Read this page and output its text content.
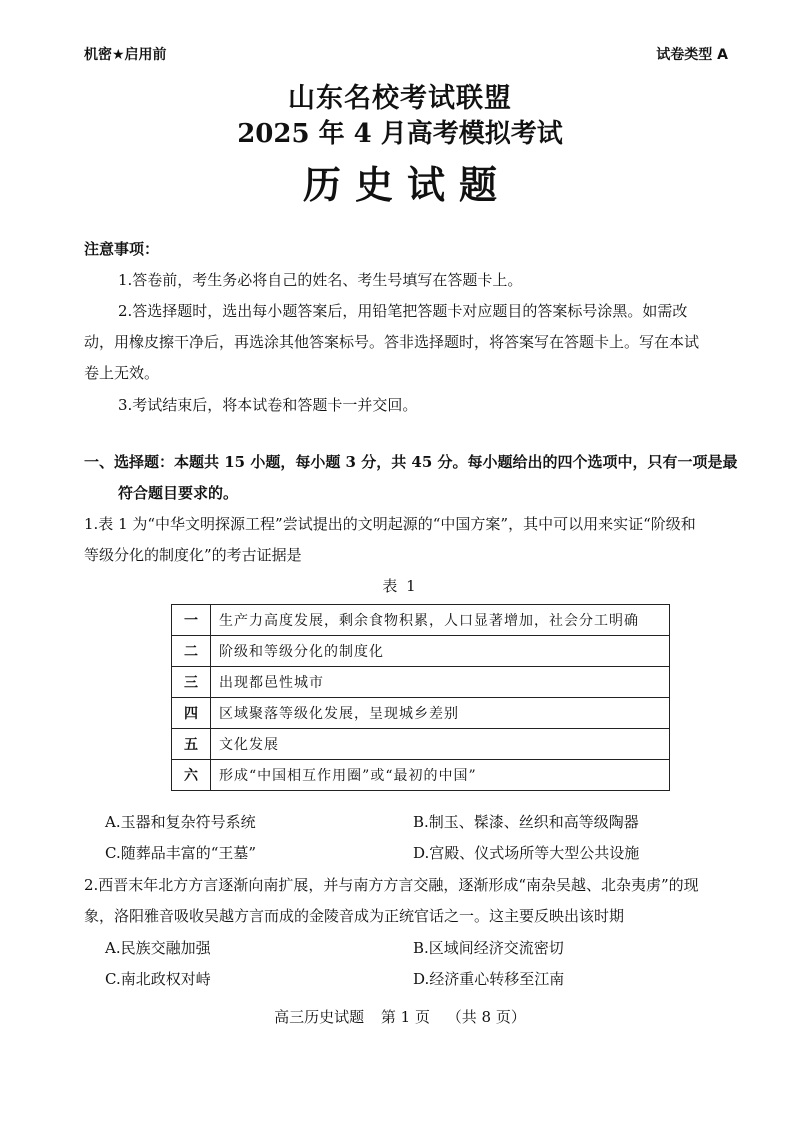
机密★启用前	试卷类型 A
山东名校考试联盟
2025 年 4 月高考模拟考试
历史试题
注意事项：
1.答卷前，考生务必将自己的姓名、考生号填写在答题卡上。
2.答选择题时，选出每小题答案后，用铅笔把答题卡对应题目的答案标号涂黑。如需改
动，用橡皮擦干净后，再选涂其他答案标号。答非选择题时，将答案写在答题卡上。写在本试
卷上无效。
3.考试结束后，将本试卷和答题卡一并交回。
一、选择题：本题共 15 小题，每小题 3 分，共 45 分。每小题给出的四个选项中，只有一项是最
符合题目要求的。
1.表 1 为“中华文明探源工程”尝试提出的文明起源的“中国方案”，其中可以用来实证“阶级和
等级分化的制度化”的考古证据是
表 1
一	生产力高度发展，剩余食物积累，人口显著增加，社会分工明确
二	阶级和等级分化的制度化
三	出现都邑性城市
四	区域聚落等级化发展，呈现城乡差别
五	文化发展
六	形成“中国相互作用圈”或“最初的中国”
A.玉器和复杂符号系统	B.制玉、髹漆、丝织和高等级陶器
C.随葬品丰富的“王墓”	D.宫殿、仪式场所等大型公共设施
2.西晋末年北方方言逐渐向南扩展，并与南方方言交融，逐渐形成“南杂吴越、北杂夷虏”的现
象，洛阳雅音吸收吴越方言而成的金陵音成为正统官话之一。这主要反映出该时期
A.民族交融加强	B.区域间经济交流密切
C.南北政权对峙	D.经济重心转移至江南
高三历史试题 第 1 页 （共 8 页）
